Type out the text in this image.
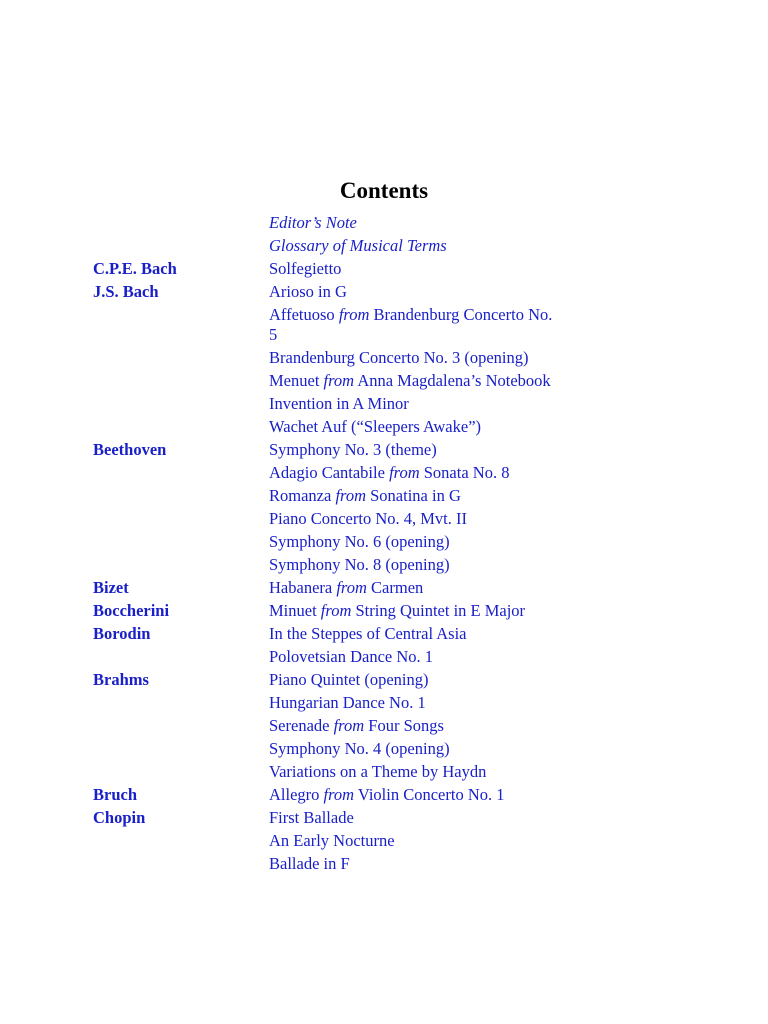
Contents
Editor’s Note
Glossary of Musical Terms
C.P.E. Bach	Solfegietto
J.S. Bach	Arioso in G
Affetuoso from Brandenburg Concerto No. 5
Brandenburg Concerto No. 3 (opening)
Menuet from Anna Magdalena’s Notebook
Invention in A Minor
Wachet Auf (“Sleepers Awake”)
Beethoven	Symphony No. 3 (theme)
Adagio Cantabile from Sonata No. 8
Romanza from Sonatina in G
Piano Concerto No. 4, Mvt. II
Symphony No. 6 (opening)
Symphony No. 8 (opening)
Bizet	Habanera from Carmen
Boccherini	Minuet from String Quintet in E Major
Borodin	In the Steppes of Central Asia
Polovetsian Dance No. 1
Brahms	Piano Quintet (opening)
Hungarian Dance No. 1
Serenade from Four Songs
Symphony No. 4 (opening)
Variations on a Theme by Haydn
Bruch	Allegro from Violin Concerto No. 1
Chopin	First Ballade
An Early Nocturne
Ballade in F
